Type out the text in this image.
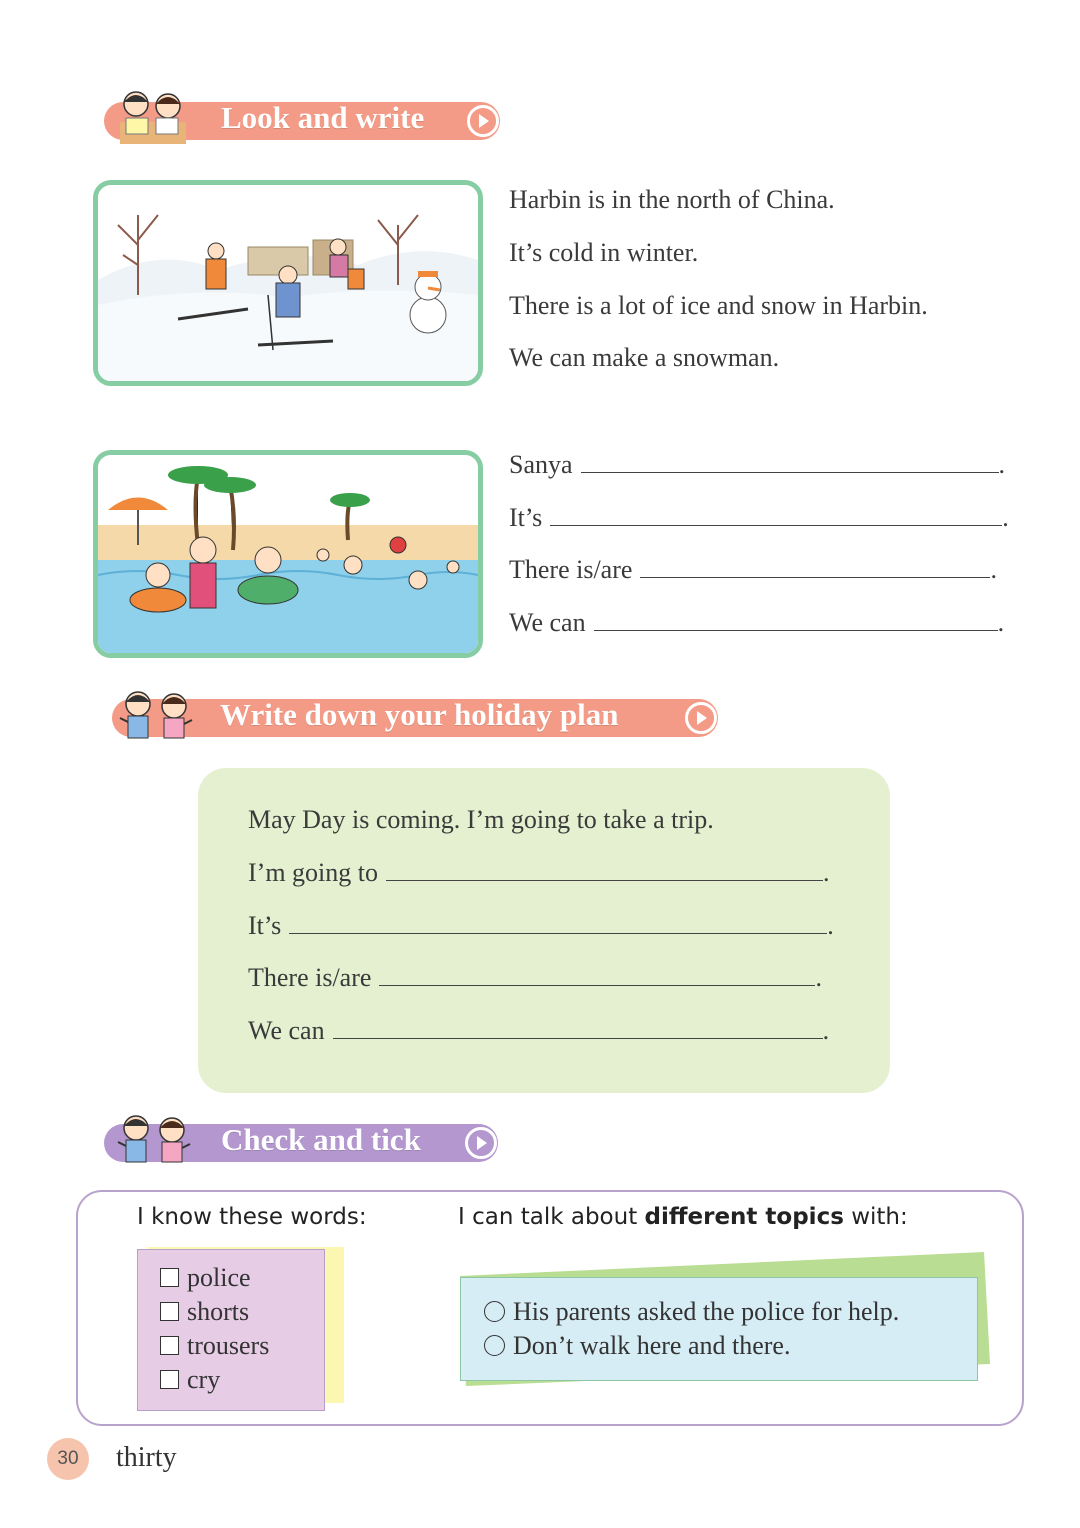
Look and write
Harbin is in the north of China.
It’s cold in winter.
There is a lot of ice and snow in Harbin.
We can make a snowman.
Sanya	.
It’s	.
There is/are	.
We can	.
Write down your holiday plan
May Day is coming. I’m going to take a trip.
I’m going to	.
It’s	.
There is/are	.
We can	.
Check and tick
I know these words:	I can talk about different topics with:
police
shorts
trousers
cry
His parents asked the police for help.
Don’t walk here and there.
30	thirty
